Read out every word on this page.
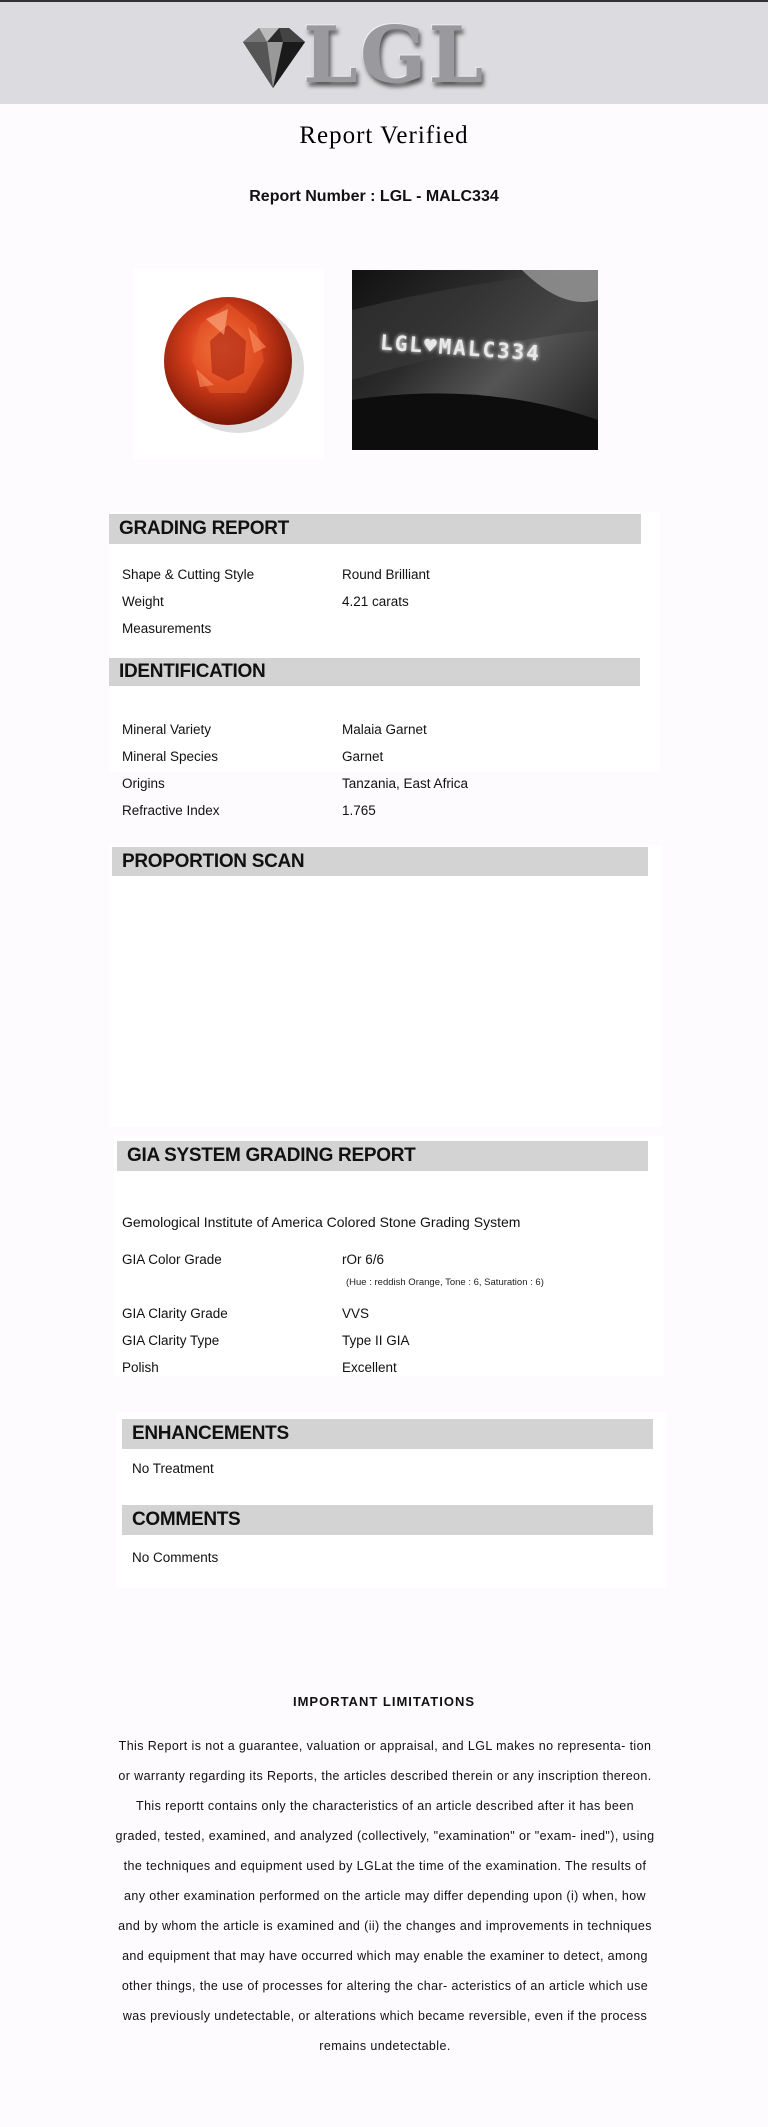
LGL
Report Verified
Report Number : LGL - MALC334
LGL♥MALC334
GRADING REPORT
Shape & Cutting Style	Round Brilliant
Weight	4.21 carats
Measurements
IDENTIFICATION
Mineral Variety	Malaia Garnet
Mineral Species	Garnet
Origins	Tanzania, East Africa
Refractive Index	1.765
PROPORTION SCAN
GIA SYSTEM GRADING REPORT
Gemological Institute of America Colored Stone Grading System
GIA Color Grade	rOr 6/6
(Hue : reddish Orange, Tone : 6, Saturation : 6)
GIA Clarity Grade	VVS
GIA Clarity Type	Type II GIA
Polish	Excellent
ENHANCEMENTS
No Treatment
COMMENTS
No Comments
IMPORTANT LIMITATIONS
This Report is not a guarantee, valuation or appraisal, and LGL makes no representa- tion or warranty regarding its Reports, the articles described therein or any inscription thereon. This reportt contains only the characteristics of an article described after it has been graded, tested, examined, and analyzed (collectively, "examination" or "exam- ined"), using the techniques and equipment used by LGLat the time of the examination. The results of any other examination performed on the article may differ depending upon (i) when, how and by whom the article is examined and (ii) the changes and improvements in techniques and equipment that may have occurred which may enable the examiner to detect, among other things, the use of processes for altering the char- acteristics of an article which use was previously undetectable, or alterations which became reversible, even if the process remains undetectable.
